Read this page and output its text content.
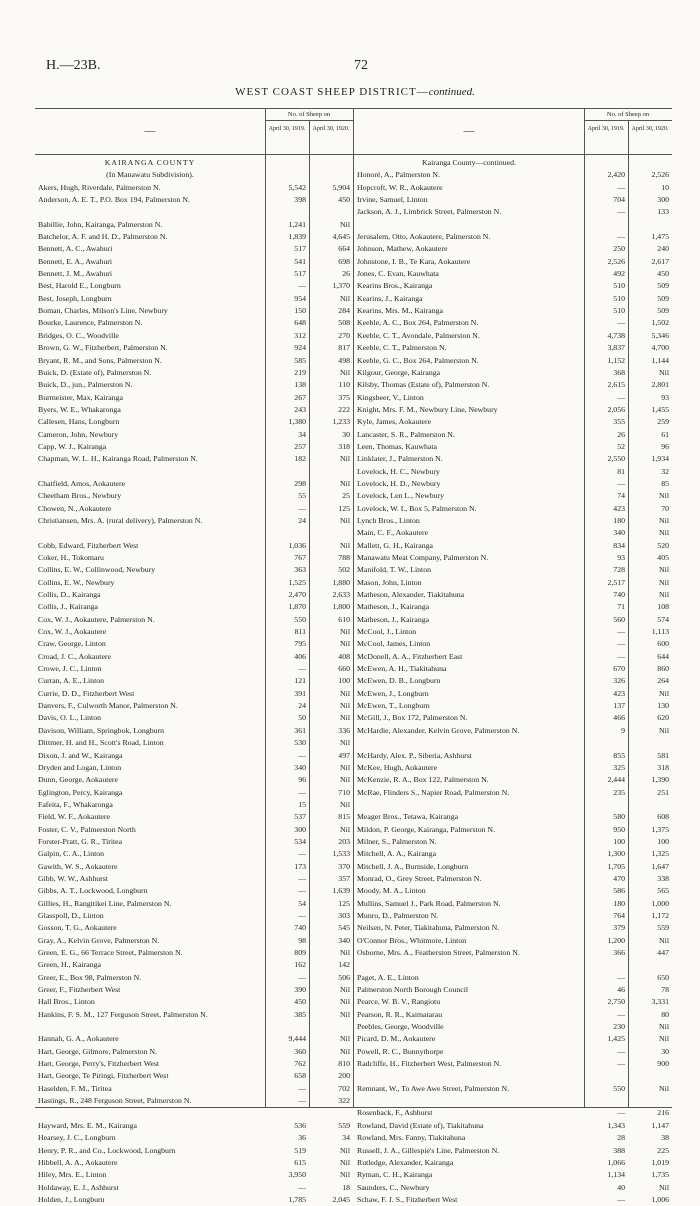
H.—23B.	72
WEST COAST SHEEP DISTRICT—continued.
—
No. of Sheep on
April 30, 1919.	April 30, 1920.
KAIRANGA COUNTY
(In Manawatu Subdivision).
Akers, Hugh, Riverdale, Palmerston N.	5,542	5,904
Anderson, A. E. T., P.O. Box 194, Palmerston N.	398	450
Babillie, John, Kairanga, Palmerston N.	1,241	Nil
Batchelor, A. F. and H. D., Palmerston N.	1,839	4,645
Bennett, A. C., Awahuri	517	664
Bennett, E. A., Awahuri	541	698
Bennett, J. M., Awahuri	517	26
Best, Harold E., Longburn	—	1,370
Best, Joseph, Longburn	954	Nil
Boman, Charles, Milson's Line, Newbury	150	284
Bourke, Laurence, Palmerston N.	648	508
Bridges, O. C., Woodville	312	270
Brown, G. W., Fitzherbert, Palmerston N.	924	817
Bryant, R. M., and Sons, Palmerston N.	585	498
Buick, D. (Estate of), Palmerston N.	219	Nil
Buick, D., jun., Palmerston N.	138	110
Burmeister, Max, Kairanga	267	375
Byers, W. E., Whakaronga	243	222
Callesen, Hans, Longburn	1,380	1,233
Cameron, John, Newbury	34	30
Capp, W. J., Kairanga	257	318
Chapman, W. L. H., Kairanga Road, Palmerston N.	182	Nil
Chatfield, Amos, Aokautere	298	Nil
Cheetham Bros., Newbury	55	25
Chowen, N., Aokautere	—	125
Christiansen, Mrs. A. (rural delivery), Palmerston N.	24	Nil
Cobb, Edward, Fitzherbert West	1,036	Nil
Coker, H., Tokomaru	767	788
Collins, E. W., Collinwood, Newbury	363	502
Collins, E. W., Newbury	1,525	1,880
Collis, D., Kairanga	2,470	2,633
Collis, J., Kairanga	1,870	1,800
Cox, W. J., Aokautere, Palmerston N.	550	610
Cox, W. J., Aokautere	811	Nil
Craw, George, Linton	795	Nil
Croad, J. C., Aokautere	406	408
Crowe, J. C., Linton	—	660
Curran, A. E., Linton	121	100
Currie, D. D., Fitzherbert West	391	Nil
Danvers, F., Culworth Manor, Palmerston N.	24	Nil
Davis, O. L., Linton	50	Nil
Davison, William, Springbok, Longburn	361	336
Dittmer, H. and H., Scott's Road, Linton	530	Nil
Dixon, J. and W., Kairanga	—	497
Dryden and Logan, Linton	340	Nil
Dunn, George, Aokautere	96	Nil
Eglington, Percy, Kairanga	—	710
Fafeita, F., Whakaronga	15	Nil
Field, W. F., Aokautere	537	815
Foster, C. V., Palmerston North	300	Nil
Forster-Pratt, G. R., Tiritea	534	203
Galpin, C. A., Linton	—	1,533
Gawith, W. S., Aokautere	173	370
Gibb, W. W., Ashhurst	—	357
Gibbs, A. T., Lockwood, Longburn	—	1,639
Gillies, H., Rangitikei Line, Palmerston N.	54	125
Glasspoll, D., Linton	—	303
Gosson, T. G., Aokautere	740	545
Gray, A., Kelvin Grove, Palmerston N.	98	340
Green, E. G., 66 Terrace Street, Palmerston N.	809	Nil
Green, H., Kairanga	162	142
Greer, E., Box 98, Palmerston N.	—	506
Greer, F., Fitzherbert West	390	Nil
Hall Bros., Linton	450	Nil
Hankins, F. S. M., 127 Ferguson Street, Palmerston N.	385	Nil
Hannah, G. A., Aokautere	9,444	Nil
Hart, George, Gilmore, Palmerston N.	360	Nil
Hart, George, Perry's, Fitzherbert West	762	810
Hart, George, Te Piringi, Fitzherbert West	658	200
Haselden, F. M., Tiritea	—	702
Hastings, R., 248 Ferguson Street, Palmerston N.	—	322
Hayward, Mrs. E. M., Kairanga	536	559
Hearsey, J. C., Longburn	36	34
Henry, P. R., and Co., Lockwood, Longburn	519	Nil
Hibbell, A. A., Aokautere	615	Nil
Hiley, Mrs. E., Linton	3,950	Nil
Holdaway, E. J., Ashhurst	—	18
Holden, J., Longburn	1,785	2,045
—
No. of Sheep on
April 30, 1919.	April 30, 1920.
Kairanga County—continued.
Honoré, A., Palmerston N.	2,420	2,526
Hopcroft, W. R., Aokautere	—	10
Irvine, Samuel, Linton	704	300
Jackson, A. J., Limbrick Street, Palmerston N.	—	133
Jerusalem, Otto, Aokautere, Palmerston N.	—	1,475
Johnson, Mathew, Aokautere	250	240
Johnstone, I. B., Te Kara, Aokautere	2,526	2,617
Jones, C. Evan, Kauwhata	492	450
Kearins Bros., Kairanga	510	509
Kearins, J., Kairanga	510	509
Kearins, Mrs. M., Kairanga	510	509
Keeble, A. C., Box 264, Palmerston N.	—	1,502
Keeble, C. T., Avondale, Palmerston N.	4,738	5,346
Keeble, C. T., Palmerston N.	3,837	4,700
Keeble, G. C., Box 264, Palmerston N.	1,152	1,144
Kilgour, George, Kairanga	368	Nil
Kilsby, Thomas (Estate of), Palmerston N.	2,615	2,801
Kingsbeer, V., Linton	—	93
Knight, Mrs. F. M., Newbury Line, Newbury	2,056	1,455
Kyle, James, Aokautere	355	259
Lancaster, S. R., Palmerston N.	26	61
Leen, Thomas, Kauwhata	52	96
Linklater, J., Palmerston N.	2,550	1,934
Lovelock, H. C., Newbury	81	32
Lovelock, H. D., Newbury	—	85
Lovelock, Len L., Newbury	74	Nil
Lovelock, W. I., Box 5, Palmerston N.	423	70
Lynch Bros., Linton	180	Nil
Main, C. F., Aokautere	340	Nil
Mallett, G. H., Kairanga	834	520
Manawatu Meat Company, Palmerston N.	93	405
Manifold, T. W., Linton	728	Nil
Mason, John, Linton	2,517	Nil
Matheson, Alexander, Tiakitahuna	740	Nil
Matheson, J., Kairanga	71	108
Matheson, J., Kairanga	560	574
McCool, J., Linton	—	1,113
McCool, James, Linton	—	600
McDonell, A. A., Fitzherbert East	—	644
McEwen, A. H., Tiakitahuna	670	860
McEwen, D. B., Longburn	326	264
McEwen, J., Longburn	423	Nil
McEwen, T., Longburn	137	130
McGill, J., Box 172, Palmerston N.	466	620
McHardie, Alexander, Kelvin Grove, Palmerston N.	9	Nil
McHardy, Alex. P., Siberia, Ashhurst	855	581
McKee, Hugh, Aokautere	325	318
McKenzie, R. A., Box 122, Palmerston N.	2,444	1,390
McRae, Flinders S., Napier Road, Palmerston N.	235	251
Meager Bros., Tetawa, Kairanga	580	608
Mildon, P. George, Kairanga, Palmerston N.	950	1,375
Milner, S., Palmerston N.	100	100
Mitchell, A. A., Kairanga	1,300	1,325
Mitchell, J. A., Burnside, Longburn	1,705	1,647
Monrad, O., Grey Street, Palmerston N.	470	338
Moody, M. A., Linton	586	565
Mullins, Samuel J., Park Road, Palmerston N.	180	1,000
Munro, D., Palmerston N.	764	1,172
Neilsen, N. Peter, Tiakitahuna, Palmerston N.	379	559
O'Connor Bros., Whitmore, Linton	1,200	Nil
Osborne, Mrs. A., Featherston Street, Palmerston N.	366	447
Paget, A. E., Linton	—	650
Palmerston North Borough Council	46	78
Pearce, W. B. V., Rangiotu	2,750	3,331
Pearson, R. R., Kaimatarau	—	80
Peebles, George, Woodville	230	Nil
Picard, D. M., Aokautere	1,425	Nil
Powell, R. C., Bunnythorpe	—	30
Radcliffe, H., Fitzherbert West, Palmerston N.	—	900
Remnant, W., To Awe Awe Street, Palmerston N.	550	Nil
Rosenback, F., Ashhurst	—	216
Rowland, David (Estate of), Tiakitahuna	1,343	1,147
Rowland, Mrs. Fanny, Tiakitahuna	28	38
Russell, J. A., Gillespie's Line, Palmerston N.	388	225
Rutledge, Alexander, Kairanga	1,066	1,019
Ryman, C. H., Kairanga	1,134	1,735
Saunders, C., Newbury	40	Nil
Schaw, F. J. S., Fitzherbert West	—	1,006
